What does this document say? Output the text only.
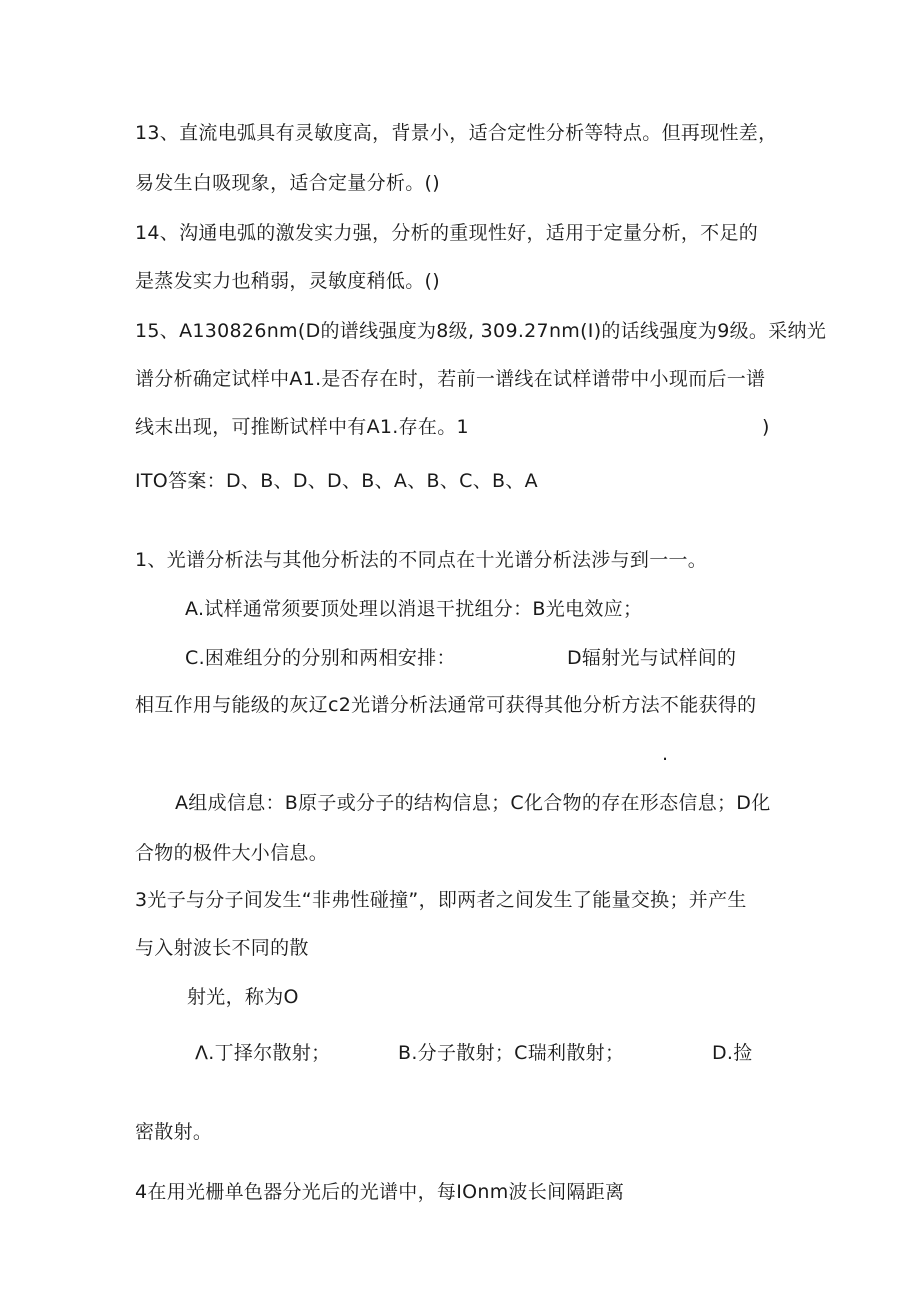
13、直流电弧具有灵敏度高，背景小，适合定性分析等特点。但再现性差，
易发生白吸现象，适合定量分析。()
14、沟通电弧的激发实力强，分析的重现性好，适用于定量分析，不足的
是蒸发实力也稍弱，灵敏度稍低。()
15、A130826nm(D的谱线强度为8级, 309.27nm(I)的话线强度为9级。采纳光
谱分析确定试样中A1.是否存在时，若前一谱线在试样谱带中小现而后一谱
线末出现，可推断试样中有A1.存在。1	)
ITO答案：D、B、D、D、B、A、B、C、B、A
1、光谱分析法与其他分析法的不同点在十光谱分析法涉与到一一。
A.试样通常须要顶处理以消退干扰组分：B光电效应；
C.困难组分的分别和两相安排：	D辐射光与试样间的
相互作用与能级的灰辽c2光谱分析法通常可获得其他分析方法不能获得的
.
A组成信息：B原子或分子的结构信息；C化合物的存在形态信息；D化
合物的极件大小信息。
3光子与分子间发生“非弗性碰撞”，即两者之间发生了能量交换；并产生
与入射波长不同的散
射光，称为O
Λ.丁择尔散射；	B.分子散射；C瑞利散射；	D.捡
密散射。
4在用光栅单色器分光后的光谱中，每IOnm波长间隔距离
